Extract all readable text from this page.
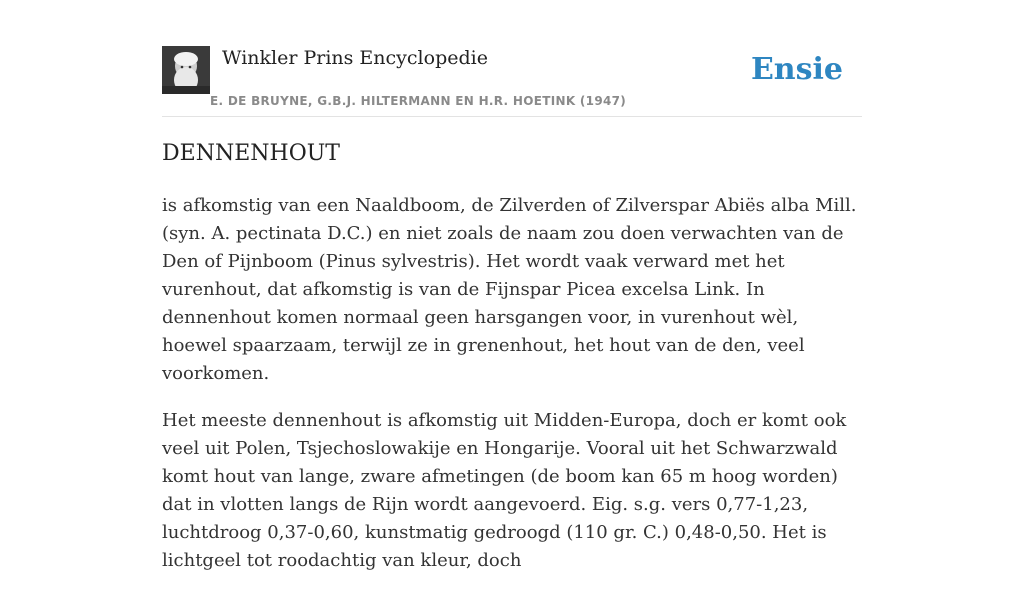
Winkler Prins Encyclopedie
E. DE BRUYNE, G.B.J. HILTERMANN EN H.R. HOETINK (1947)
Ensie
DENNENHOUT

is afkomstig van een Naaldboom, de Zilverden of Zilverspar Abiës alba Mill. (syn. A. pectinata D.C.) en niet zoals de naam zou doen verwachten van de Den of Pijnboom (Pinus sylvestris). Het wordt vaak verward met het vurenhout, dat afkomstig is van de Fijnspar Picea excelsa Link. In dennenhout komen normaal geen harsgangen voor, in vurenhout wèl, hoewel spaarzaam, terwijl ze in grenenhout, het hout van de den, veel voorkomen.

Het meeste dennenhout is afkomstig uit Midden-Europa, doch er komt ook veel uit Polen, Tsjechoslowakije en Hongarije. Vooral uit het Schwarzwald komt hout van lange, zware afmetingen (de boom kan 65 m hoog worden) dat in vlotten langs de Rijn wordt aangevoerd. Eig. s.g. vers 0,77-1,23, luchtdroog 0,37-0,60, kunstmatig gedroogd (110 gr. C.) 0,48-0,50. Het is lichtgeel tot roodachtig van kleur, doch
